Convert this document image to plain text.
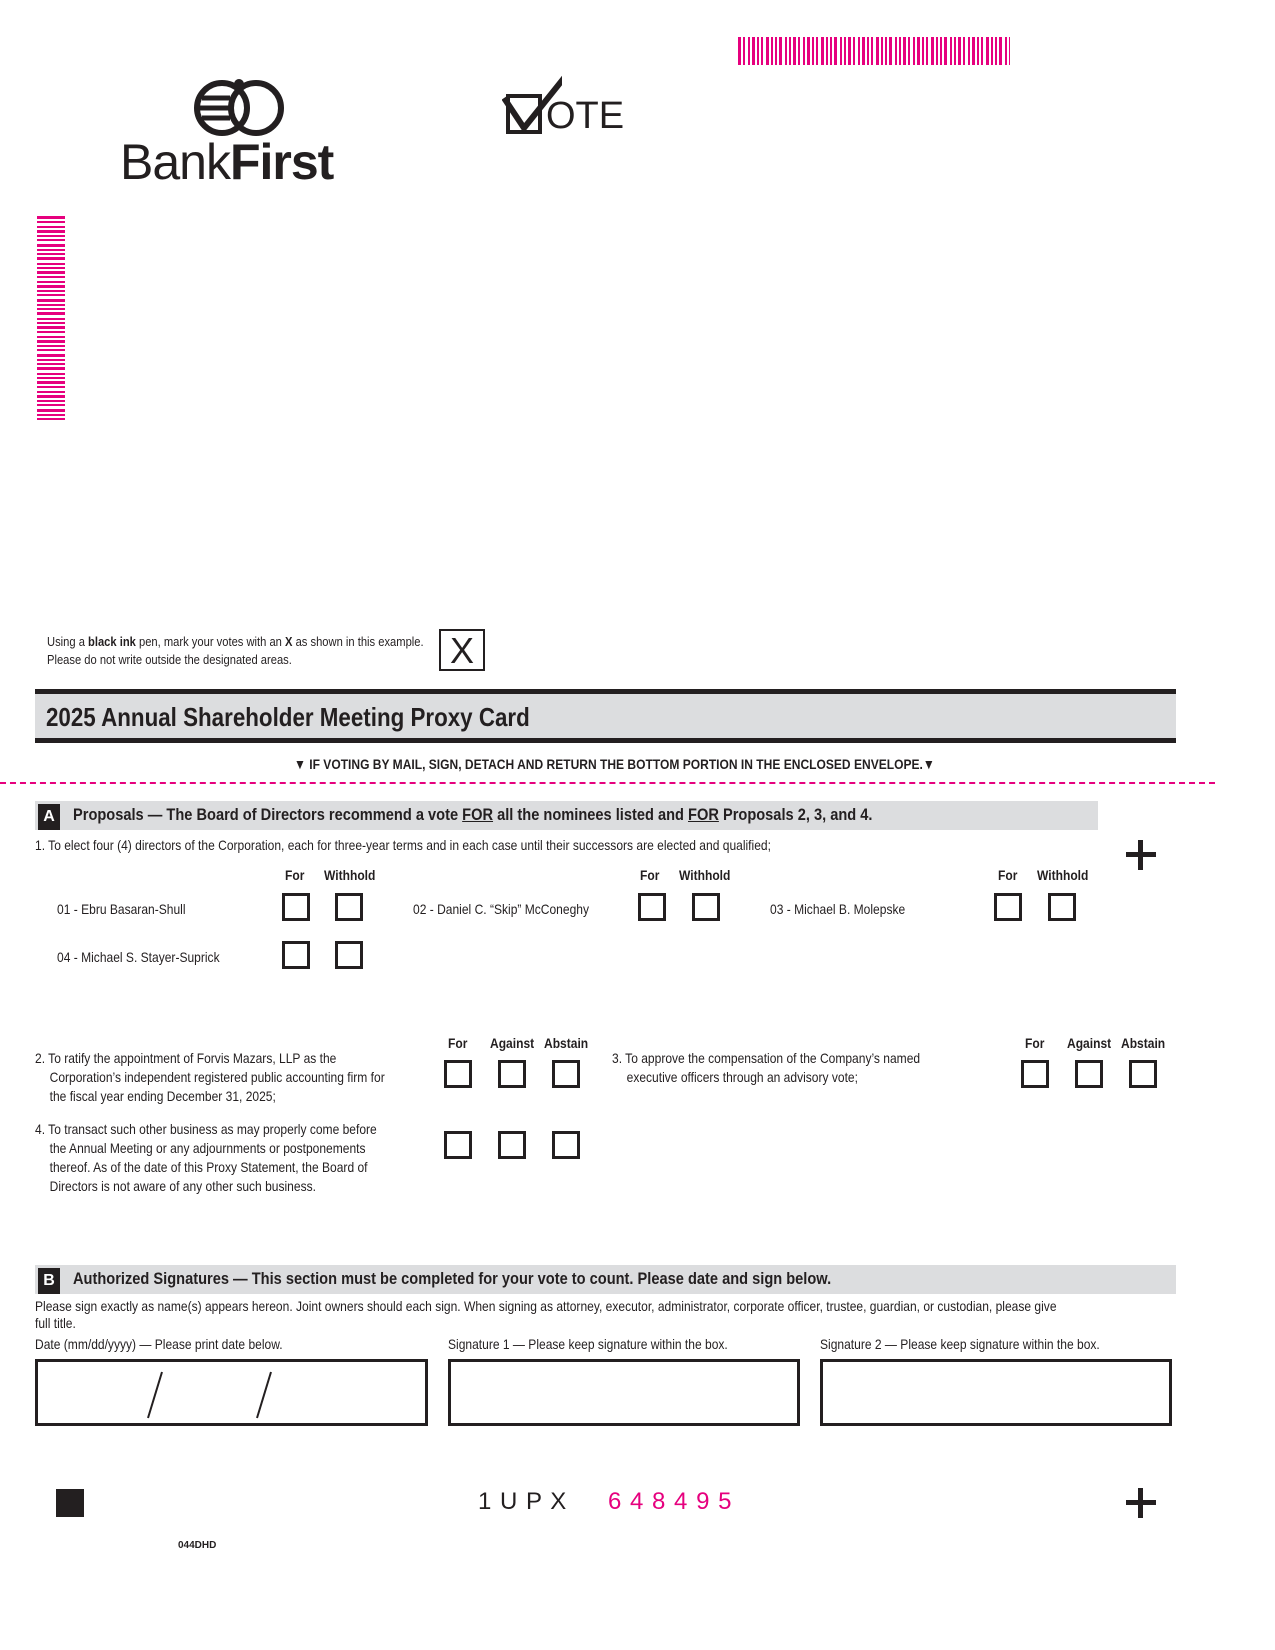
BankFirst
OTE
Using a black ink pen, mark your votes with an X as shown in this example.
Please do not write outside the designated areas.	X
2025 Annual Shareholder Meeting Proxy Card
▼ IF VOTING BY MAIL, SIGN, DETACH AND RETURN THE BOTTOM PORTION IN THE ENCLOSED ENVELOPE.▼
A	Proposals — The Board of Directors recommend a vote FOR all the nominees listed and FOR Proposals 2, 3, and 4.
1. To elect four (4) directors of the Corporation, each for three-year terms and in each case until their successors are elected and qualified;
For Withhold	For Withhold	For Withhold
01 - Ebru Basaran-Shull	02 - Daniel C. “Skip” McConeghy	03 - Michael B. Molepske
04 - Michael S. Stayer-Suprick
For Against Abstain	For Against Abstain
2. To ratify the appointment of Forvis Mazars, LLP as the
Corporation’s independent registered public accounting firm for
the fiscal year ending December 31, 2025;
3. To approve the compensation of the Company’s named
executive officers through an advisory vote;
4. To transact such other business as may properly come before
the Annual Meeting or any adjournments or postponements
thereof. As of the date of this Proxy Statement, the Board of
Directors is not aware of any other such business.
B	Authorized Signatures — This section must be completed for your vote to count. Please date and sign below.
Please sign exactly as name(s) appears hereon. Joint owners should each sign. When signing as attorney, executor, administrator, corporate officer, trustee, guardian, or custodian, please give
full title.
Date (mm/dd/yyyy) — Please print date below.	Signature 1 — Please keep signature within the box.	Signature 2 — Please keep signature within the box.
1 U P X 6 4 8 4 9 5
044DHD
